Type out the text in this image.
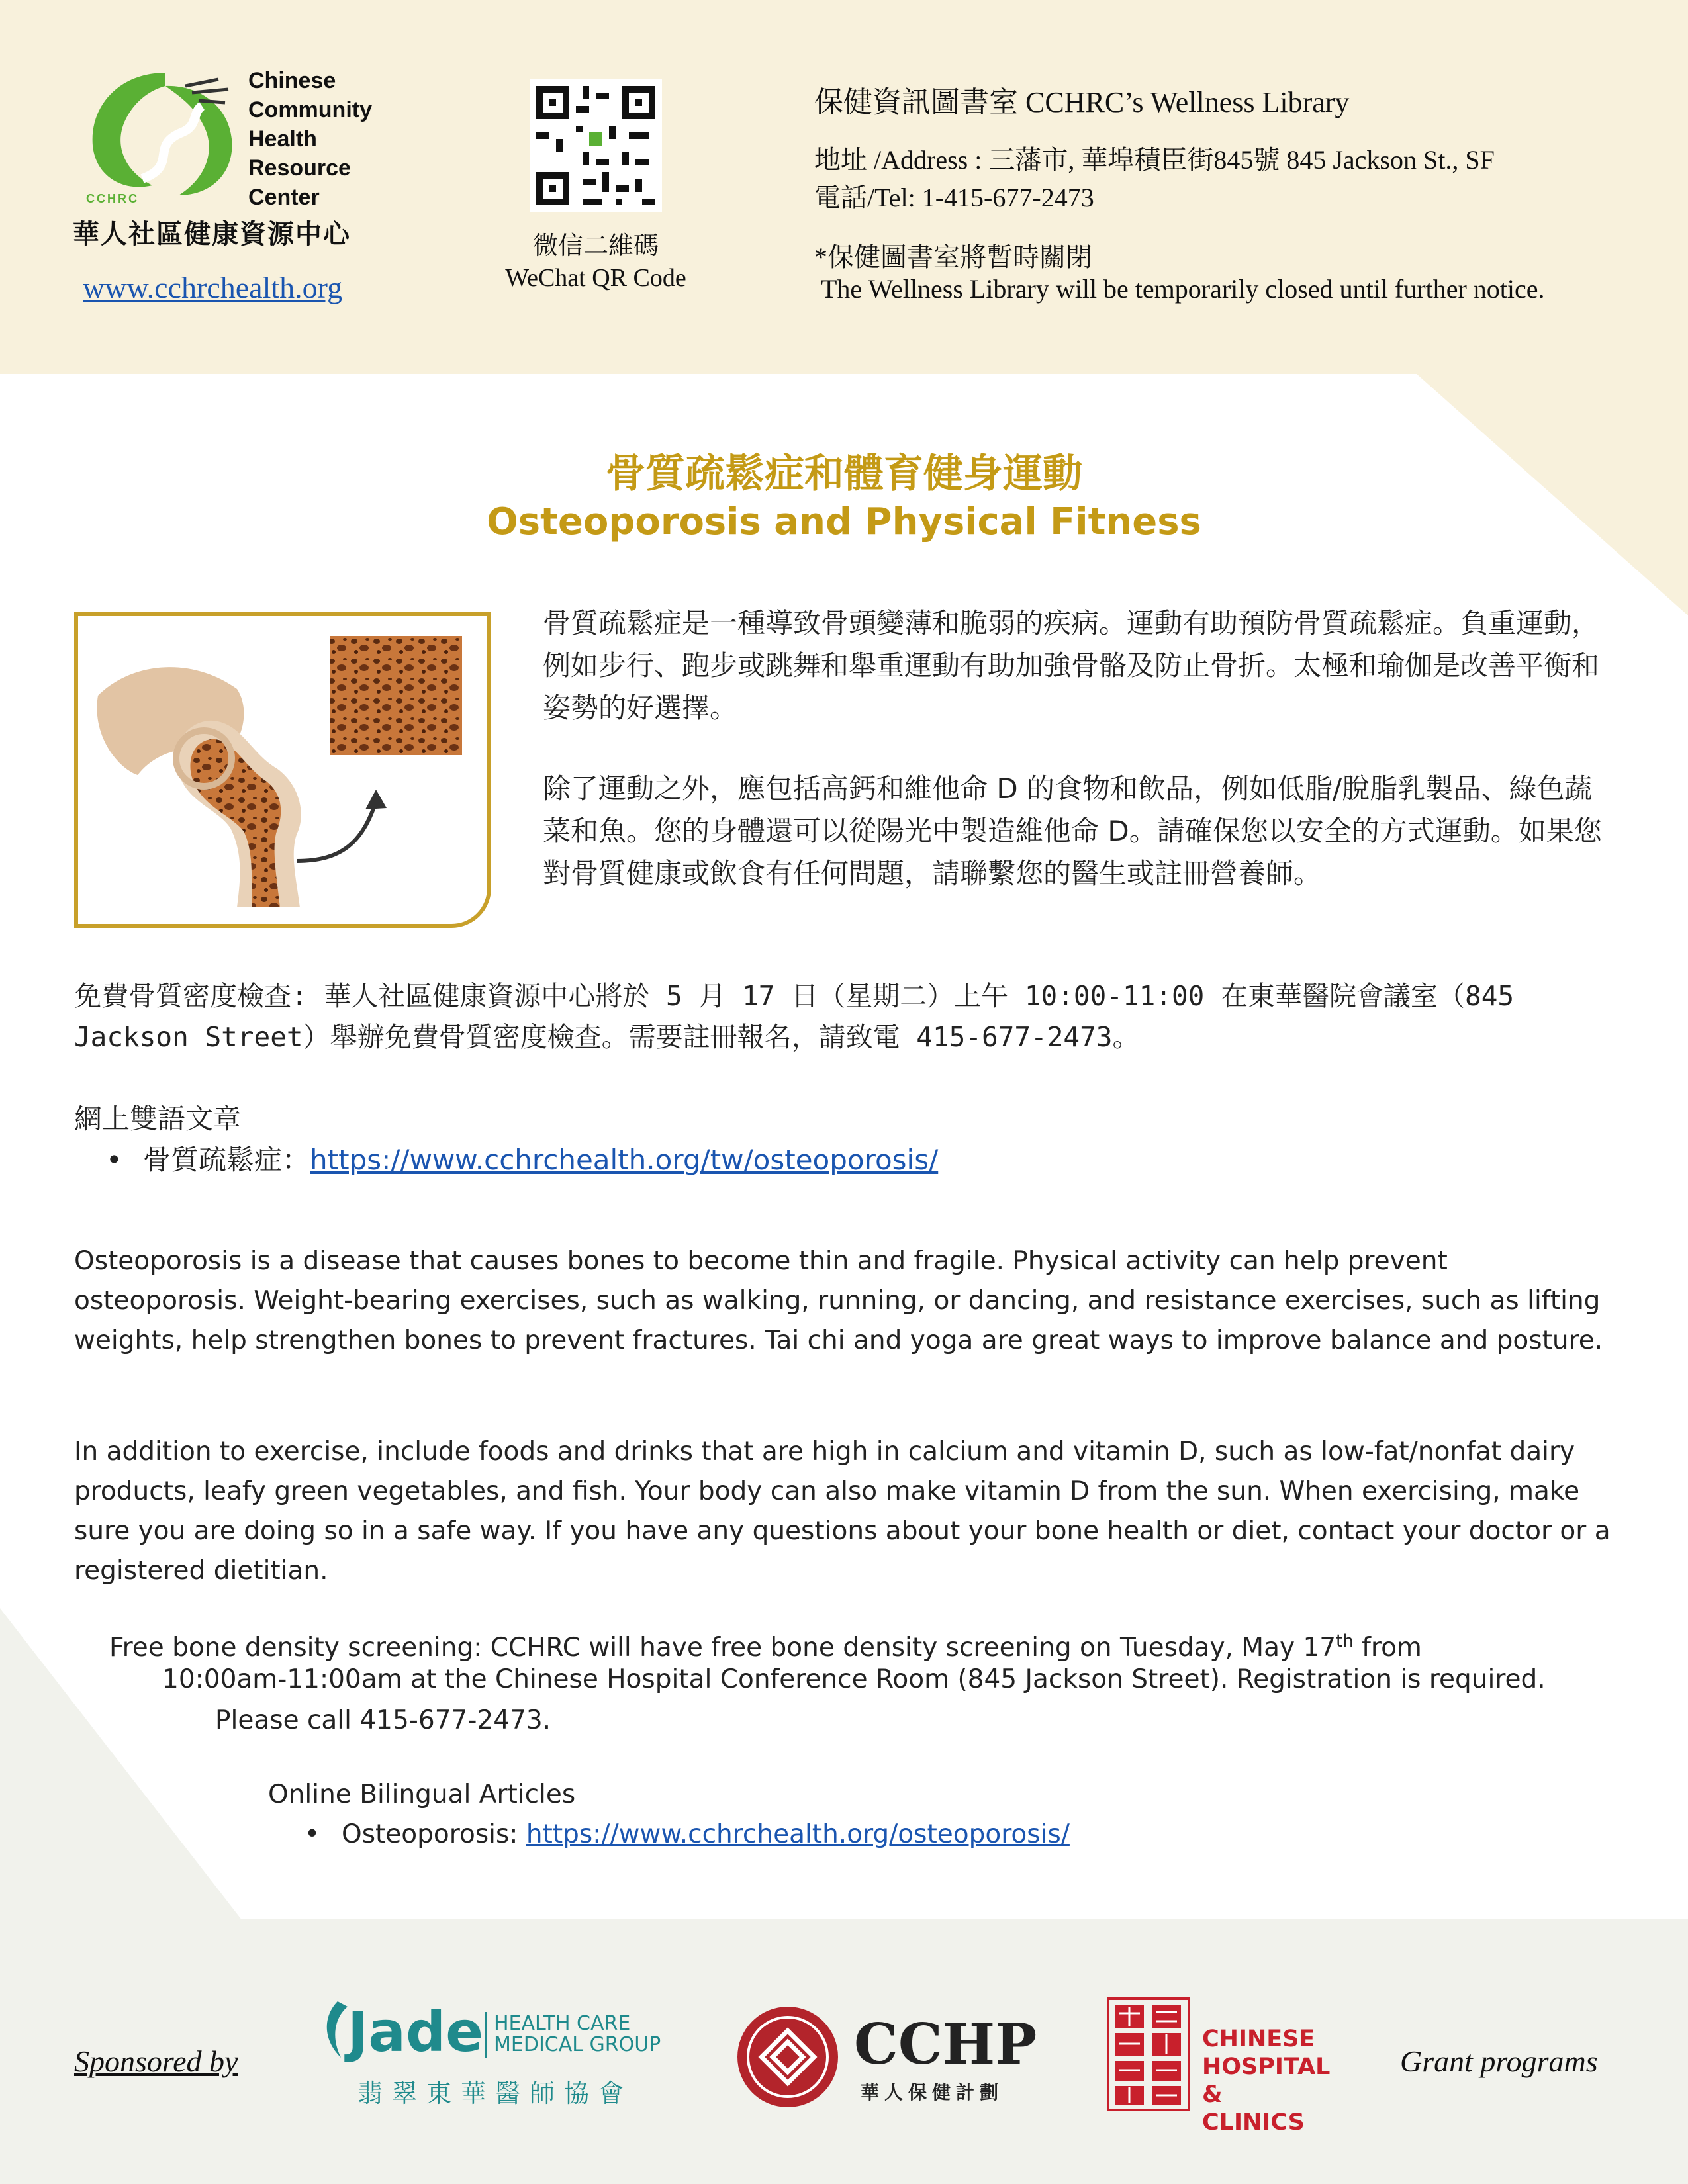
CCHRC
Chinese
Community
Health
Resource
Center
華人社區健康資源中心
www.cchrchealth.org
微信二維碼
WeChat QR Code
保健資訊圖書室 CCHRC’s Wellness Library
地址 /Address : 三藩市, 華埠積臣街845號 845 Jackson St., SF
電話/Tel: 1-415-677-2473
*保健圖書室將暫時關閉
The Wellness Library will be temporarily closed until further notice.
骨質疏鬆症和體育健身運動
Osteoporosis and Physical Fitness
骨質疏鬆症是一種導致骨頭變薄和脆弱的疾病。運動有助預防骨質疏鬆症。負重運動，例如步行、跑步或跳舞和舉重運動有助加強骨骼及防止骨折。太極和瑜伽是改善平衡和姿勢的好選擇。
除了運動之外，應包括高鈣和維他命 D 的食物和飲品，例如低脂/脫脂乳製品、綠色蔬菜和魚。您的身體還可以從陽光中製造維他命 D。請確保您以安全的方式運動。如果您對骨質健康或飲食有任何問題，請聯繫您的醫生或註冊營養師。
免費骨質密度檢查: 華人社區健康資源中心將於 5 月 17 日（星期二）上午 10:00-11:00 在東華醫院會議室（845 Jackson Street）舉辦免費骨質密度檢查。需要註冊報名，請致電 415-677-2473。
網上雙語文章
• 骨質疏鬆症：https://www.cchrchealth.org/tw/osteoporosis/
Osteoporosis is a disease that causes bones to become thin and fragile. Physical activity can help prevent osteoporosis. Weight-bearing exercises, such as walking, running, or dancing, and resistance exercises, such as lifting weights, help strengthen bones to prevent fractures. Tai chi and yoga are great ways to improve balance and posture.
In addition to exercise, include foods and drinks that are high in calcium and vitamin D, such as low-fat/nonfat dairy products, leafy green vegetables, and fish. Your body can also make vitamin D from the sun. When exercising, make sure you are doing so in a safe way. If you have any questions about your bone health or diet, contact your doctor or a registered dietitian.
Free bone density screening: CCHRC will have free bone density screening on Tuesday, May 17th from
10:00am-11:00am at the Chinese Hospital Conference Room (845 Jackson Street). Registration is required.
Please call 415-677-2473.
Online Bilingual Articles
• Osteoporosis: https://www.cchrchealth.org/osteoporosis/
Sponsored by Jade HEALTH CARE
MEDICAL GROUP
翡翠東華醫師協會
CCHP
華人保健計劃
CHINESE
HOSPITAL
& CLINICS
Grant programs
